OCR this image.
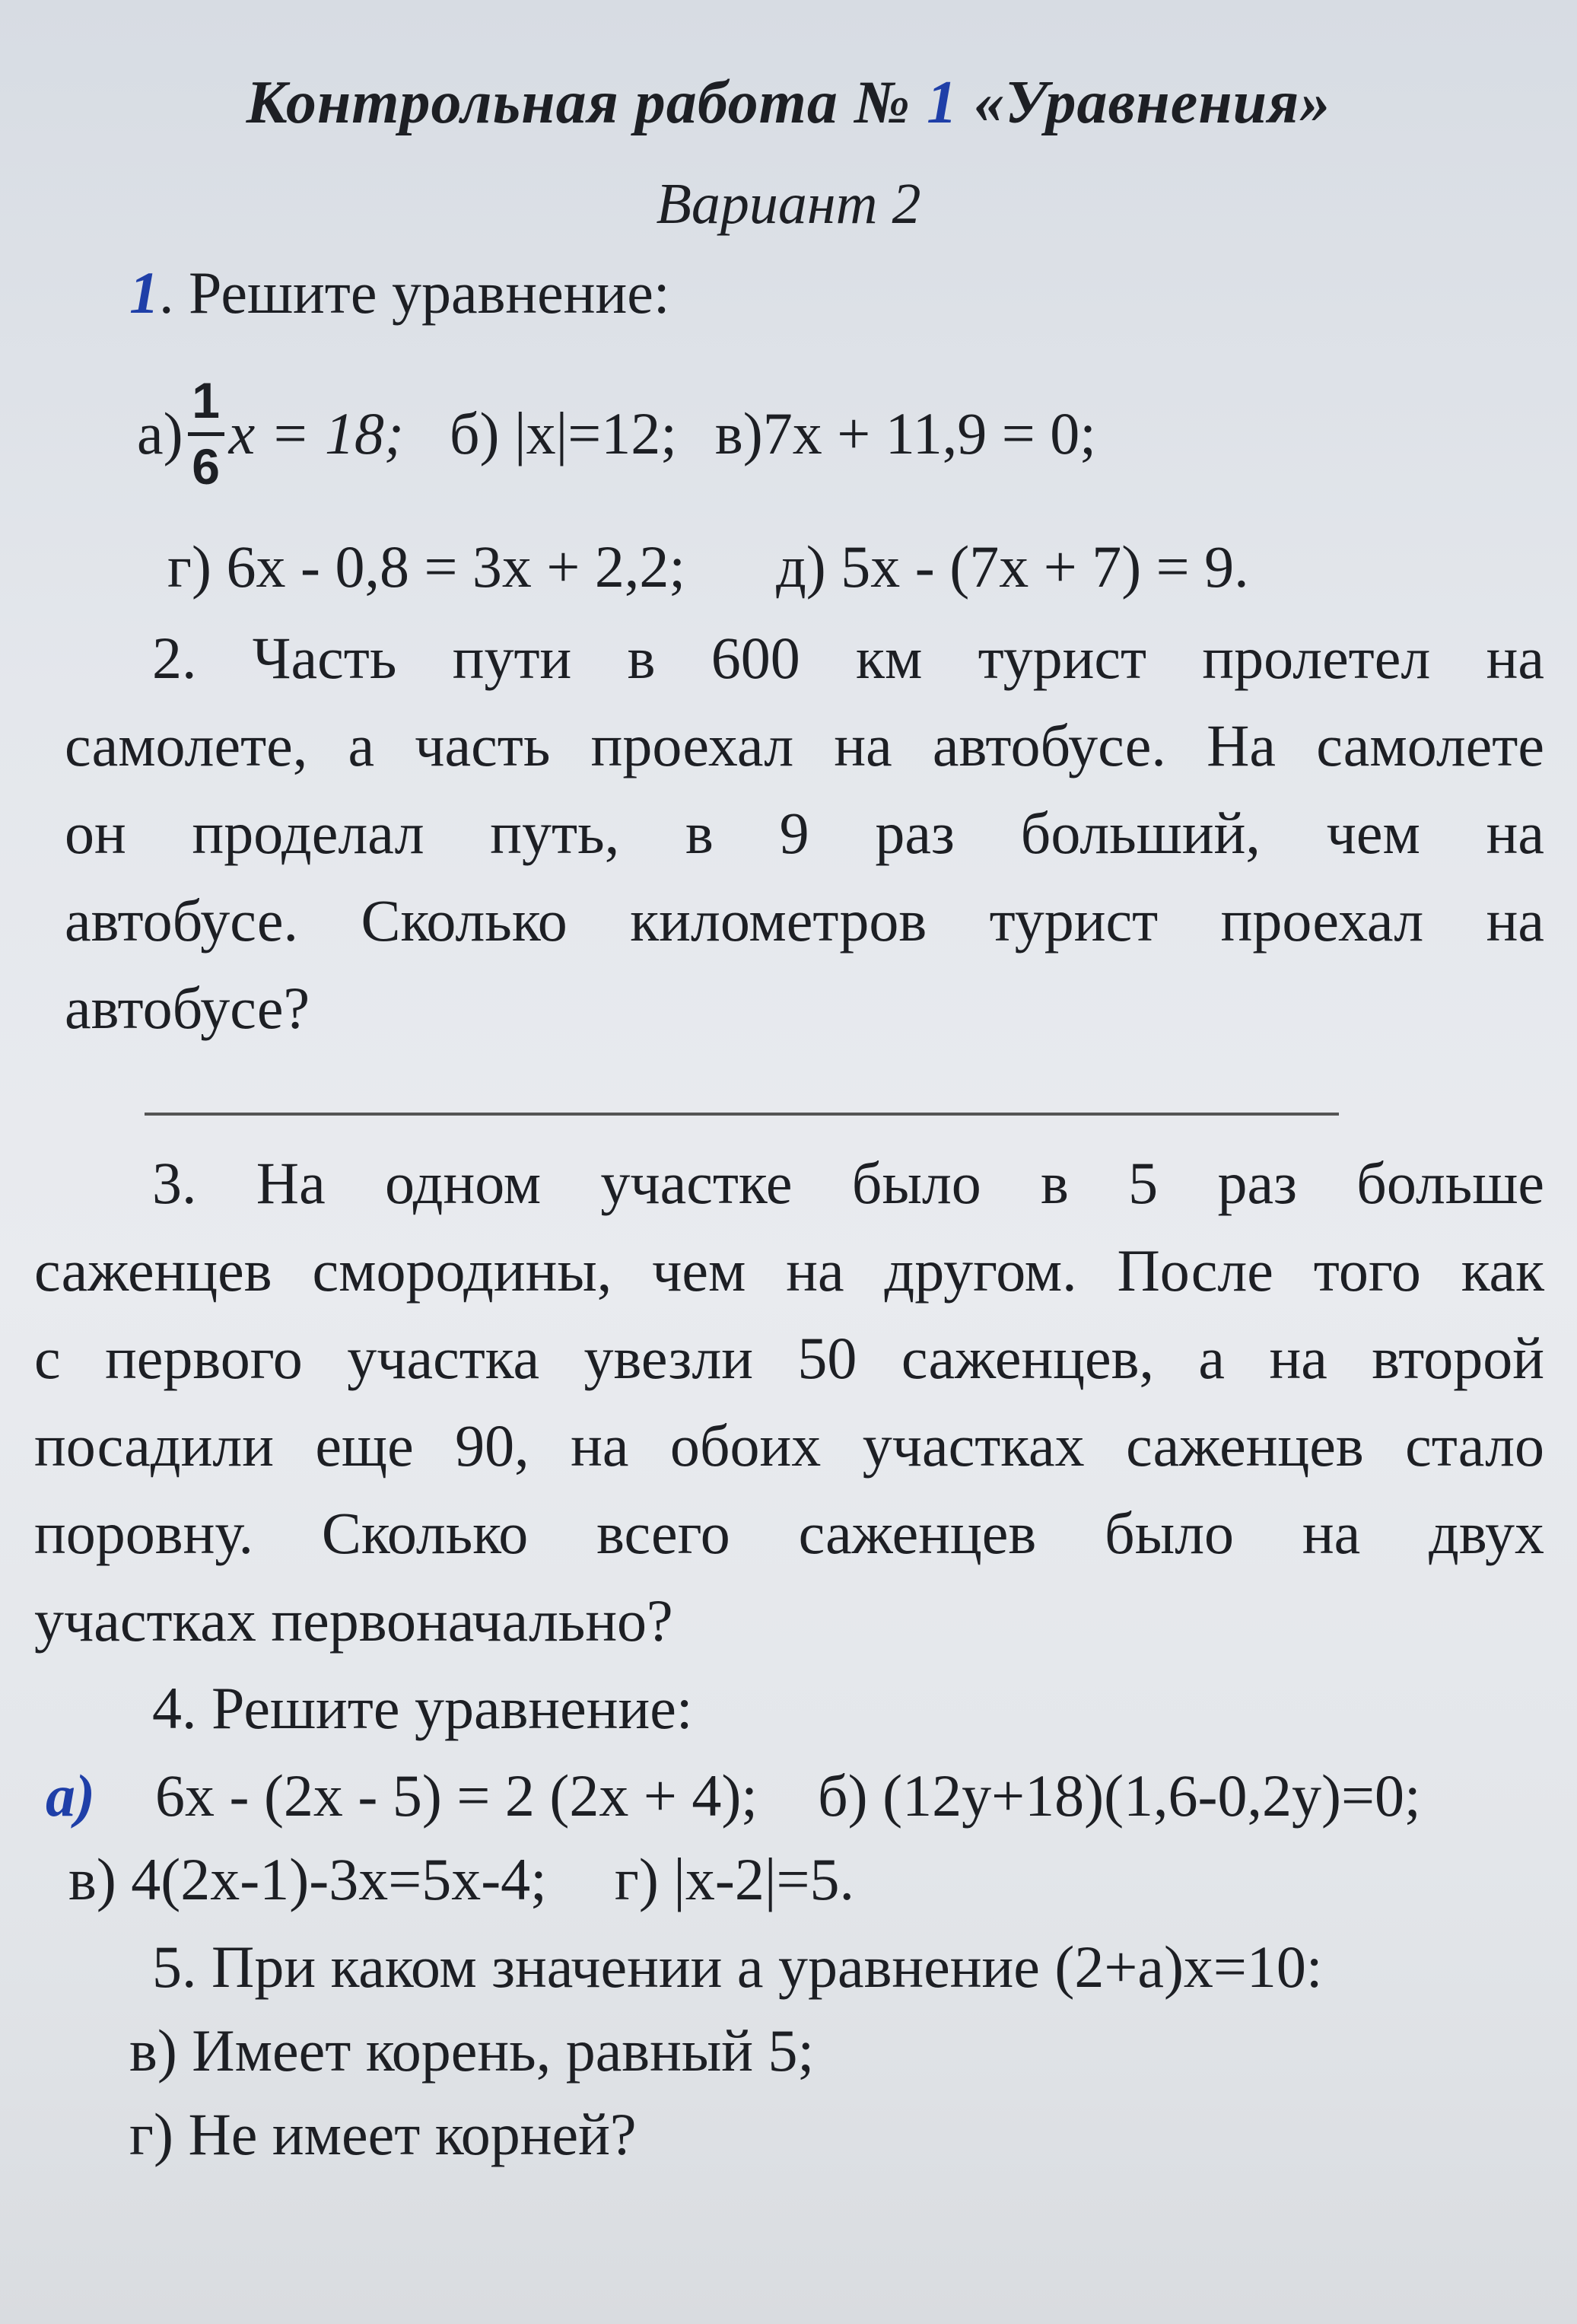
Контрольная работа № 1 «Уравнения»
Вариант 2
1. Решите уравнение:
а) 1
6 x = 18; б) |x|=12; в)7x + 11,9 = 0;
г) 6x - 0,8 = 3x + 2,2; д) 5x - (7x + 7) = 9.
2. Часть пути в 600 км турист пролетел на
самолете, а часть проехал на автобусе. На самолете
он проделал путь, в 9 раз больший, чем на
автобусе. Сколько километров турист проехал на
автобусе?
3. На одном участке было в 5 раз больше
саженцев смородины, чем на другом. После того как
с первого участка увезли 50 саженцев, а на второй
посадили еще 90, на обоих участках саженцев стало
поровну. Сколько всего саженцев было на двух
участках первоначально?
4. Решите уравнение:
а) 6x - (2x - 5) = 2 (2x + 4); б) (12y+18)(1,6-0,2y)=0;
в) 4(2x-1)-3x=5x-4; г) |x-2|=5.
5. При каком значении а уравнение (2+a)x=10:
в) Имеет корень, равный 5;
г) Не имеет корней?
